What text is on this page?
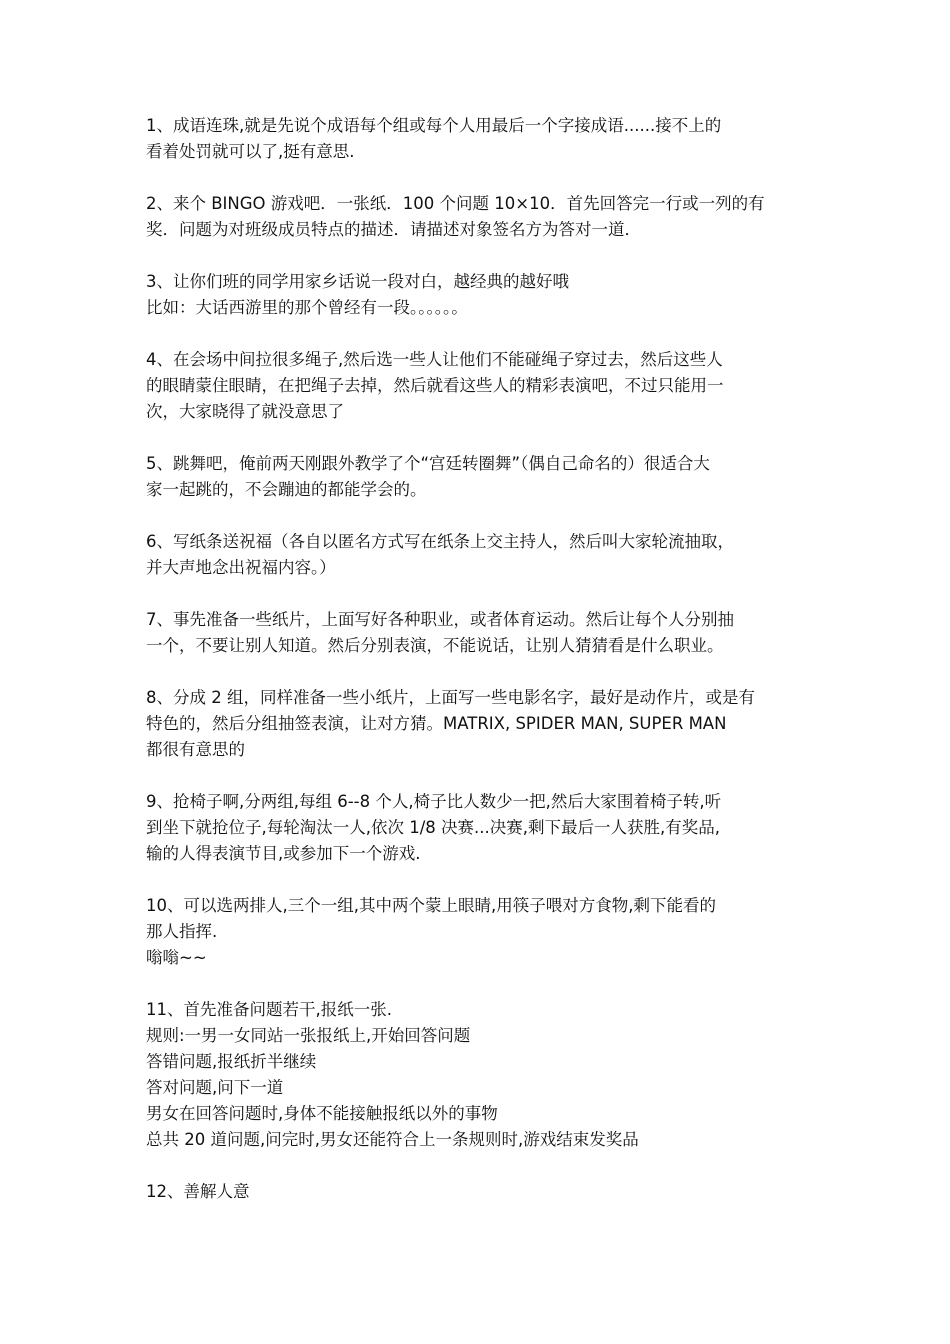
1、成语连珠,就是先说个成语每个组或每个人用最后一个字接成语......接不上的
看着处罚就可以了,挺有意思.
2、来个 BINGO 游戏吧．一张纸．100 个问题 10×10．首先回答完一行或一列的有
奖．问题为对班级成员特点的描述．请描述对象签名方为答对一道．
3、让你们班的同学用家乡话说一段对白，越经典的越好哦
比如：大话西游里的那个曾经有一段。。。。。。
4、在会场中间拉很多绳子,然后选一些人让他们不能碰绳子穿过去，然后这些人
的眼睛蒙住眼睛，在把绳子去掉，然后就看这些人的精彩表演吧，不过只能用一
次，大家晓得了就没意思了
5、跳舞吧，俺前两天刚跟外教学了个“宫廷转圈舞”（偶自己命名的）很适合大
家一起跳的，不会蹦迪的都能学会的。
6、写纸条送祝福（各自以匿名方式写在纸条上交主持人，然后叫大家轮流抽取，
并大声地念出祝福内容。）
7、事先准备一些纸片，上面写好各种职业，或者体育运动。然后让每个人分别抽
一个，不要让别人知道。然后分别表演，不能说话，让别人猜猜看是什么职业。
8、分成 2 组，同样准备一些小纸片，上面写一些电影名字，最好是动作片，或是有
特色的，然后分组抽签表演，让对方猜。MATRIX, SPIDER MAN, SUPER MAN
都很有意思的
9、抢椅子啊,分两组,每组 6--8 个人,椅子比人数少一把,然后大家围着椅子转,听
到坐下就抢位子,每轮淘汰一人,依次 1/8 决赛...决赛,剩下最后一人获胜,有奖品,
输的人得表演节目,或参加下一个游戏.
10、可以选两排人,三个一组,其中两个蒙上眼睛,用筷子喂对方食物,剩下能看的
那人指挥.
嗡嗡~~
11、首先准备问题若干,报纸一张.
规则:一男一女同站一张报纸上,开始回答问题
答错问题,报纸折半继续
答对问题,问下一道
男女在回答问题时,身体不能接触报纸以外的事物
总共 20 道问题,问完时,男女还能符合上一条规则时,游戏结束发奖品
12、善解人意
